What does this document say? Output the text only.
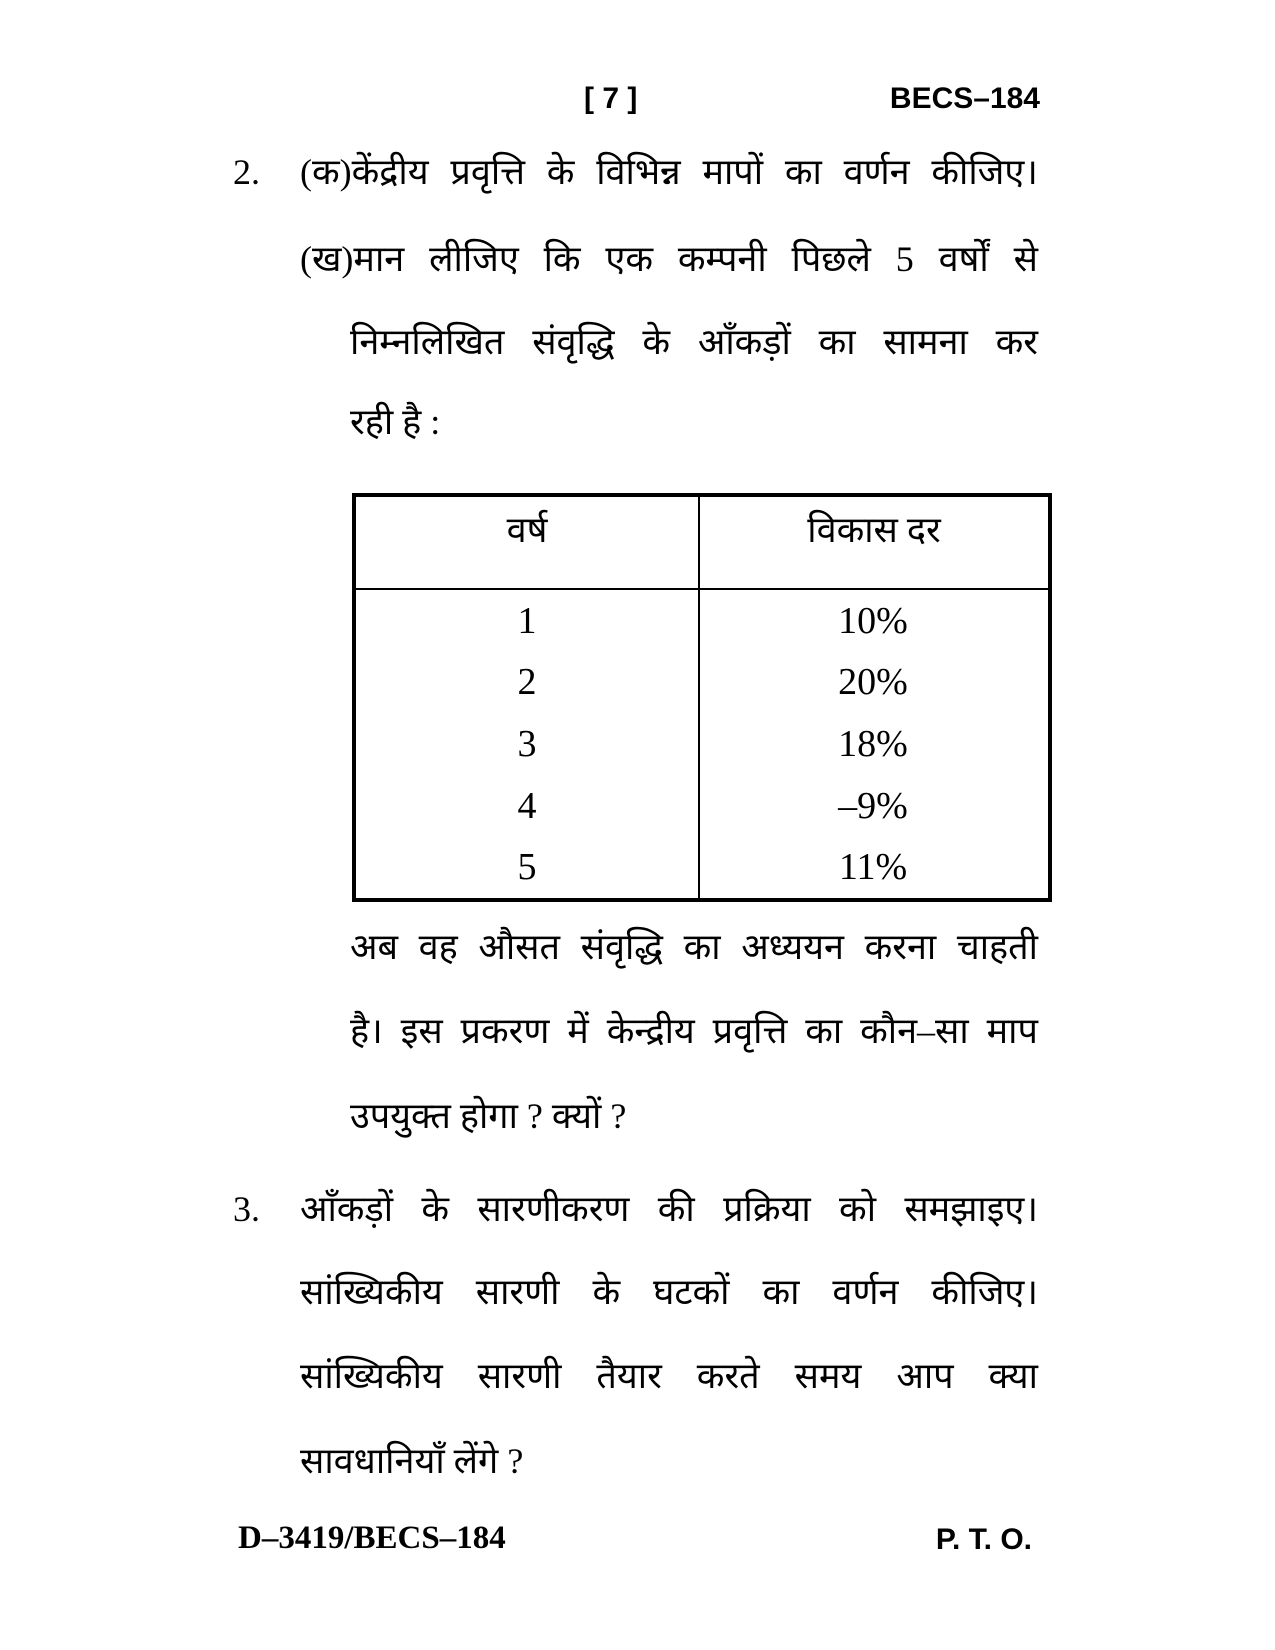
[ 7 ]	BECS–184
2. (क)केंद्रीय प्रवृत्ति के विभिन्न मापों का वर्णन कीजिए।
(ख)मान लीजिए कि एक कम्पनी पिछले 5 वर्षों से
निम्नलिखित संवृद्धि के आँकड़ों का सामना कर
रही है :
वर्ष	विकास दर
1	10%
2	20%
3	18%
4	–9%
5	11%
अब वह औसत संवृद्धि का अध्ययन करना चाहती
है। इस प्रकरण में केन्द्रीय प्रवृत्ति का कौन–सा माप
उपयुक्त होगा ? क्यों ?
3. आँकड़ों के सारणीकरण की प्रक्रिया को समझाइए।
सांख्यिकीय सारणी के घटकों का वर्णन कीजिए।
सांख्यिकीय सारणी तैयार करते समय आप क्या
सावधानियाँ लेंगे ?
D–3419/BECS–184	P. T. O.
